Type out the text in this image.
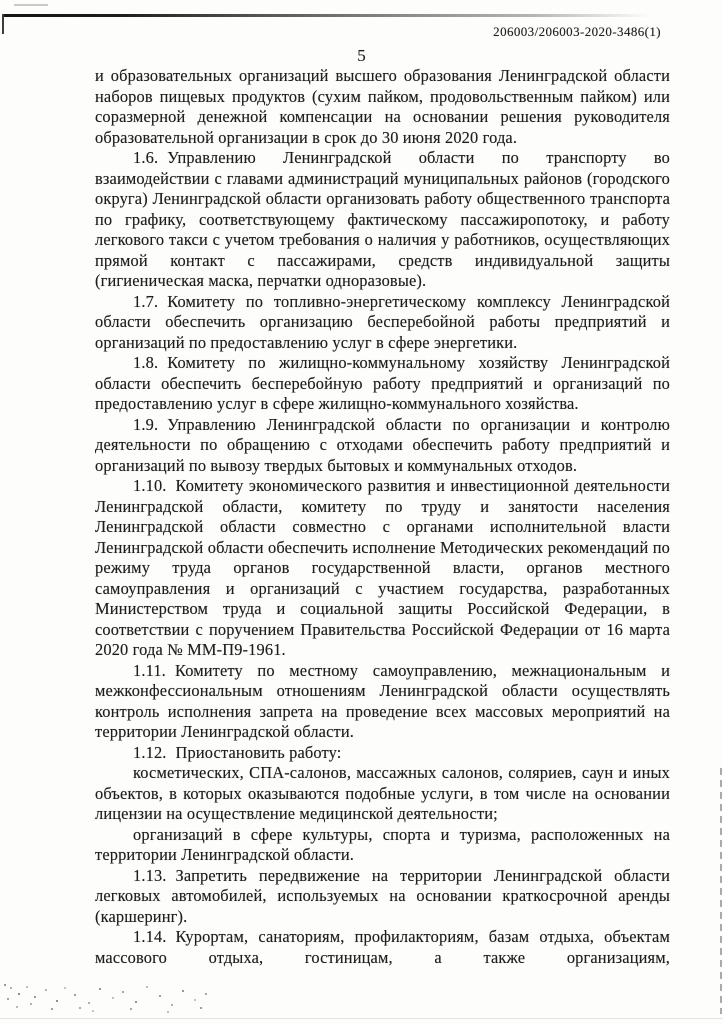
206003/206003-2020-3486(1)
5

и образовательных организаций высшего образования Ленинградской области наборов пищевых продуктов (сухим пайком, продовольственным пайком) или соразмерной денежной компенсации на основании решения руководителя образовательной организации в срок до 30 июня 2020 года.

1.6. Управлению Ленинградской области по транспорту во взаимодействии с главами администраций муниципальных районов (городского округа) Ленинградской области организовать работу общественного транспорта по графику, соответствующему фактическому пассажиропотоку, и работу легкового такси с учетом требования о наличия у работников, осуществляющих прямой контакт с пассажирами, средств индивидуальной защиты (гигиеническая маска, перчатки одноразовые).

1.7. Комитету по топливно-энергетическому комплексу Ленинградской области обеспечить организацию бесперебойной работы предприятий и организаций по предоставлению услуг в сфере энергетики.

1.8. Комитету по жилищно-коммунальному хозяйству Ленинградской области обеспечить бесперебойную работу предприятий и организаций по предоставлению услуг в сфере жилищно-коммунального хозяйства.

1.9. Управлению Ленинградской области по организации и контролю деятельности по обращению с отходами обеспечить работу предприятий и организаций по вывозу твердых бытовых и коммунальных отходов.

1.10. Комитету экономического развития и инвестиционной деятельности Ленинградской области, комитету по труду и занятости населения Ленинградской области совместно с органами исполнительной власти Ленинградской области обеспечить исполнение Методических рекомендаций по режиму труда органов государственной власти, органов местного самоуправления и организаций с участием государства, разработанных Министерством труда и социальной защиты Российской Федерации, в соответствии с поручением Правительства Российской Федерации от 16 марта 2020 года № ММ-П9-1961.

1.11. Комитету по местному самоуправлению, межнациональным и межконфессиональным отношениям Ленинградской области осуществлять контроль исполнения запрета на проведение всех массовых мероприятий на территории Ленинградской области.

1.12. Приостановить работу:

косметических, СПА-салонов, массажных салонов, соляриев, саун и иных объектов, в которых оказываются подобные услуги, в том числе на основании лицензии на осуществление медицинской деятельности;

организаций в сфере культуры, спорта и туризма, расположенных на территории Ленинградской области.

1.13. Запретить передвижение на территории Ленинградской области легковых автомобилей, используемых на основании краткосрочной аренды (каршеринг).

1.14. Курортам, санаториям, профилакториям, базам отдыха, объектам массового отдыха, гостиницам, а также организациям,
